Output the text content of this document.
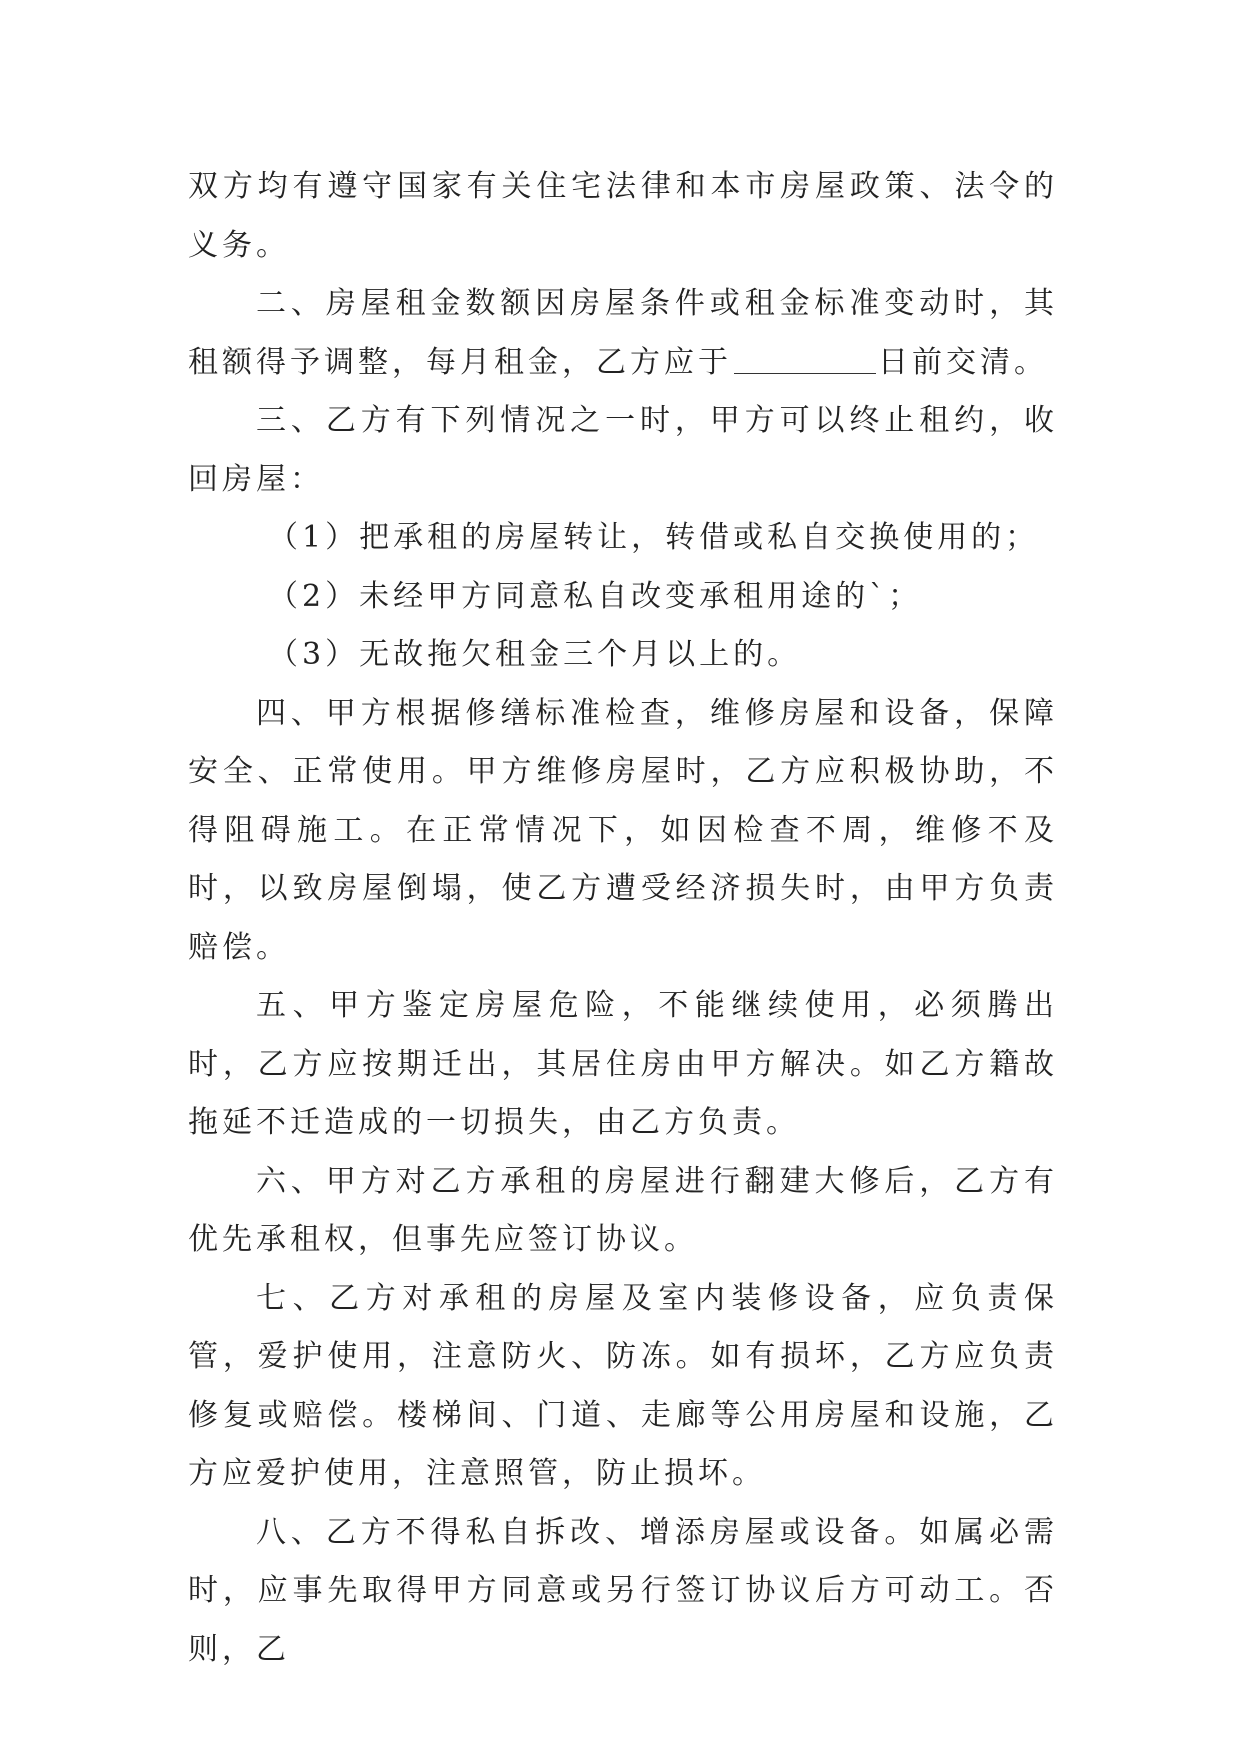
双方均有遵守国家有关住宅法律和本市房屋政策、法令的义务。

二、房屋租金数额因房屋条件或租金标准变动时，其租额得予调整，每月租金，乙方应于	日前交清。

三、乙方有下列情况之一时，甲方可以终止租约，收回房屋：

（1）把承租的房屋转让，转借或私自交换使用的；

（2）未经甲方同意私自改变承租用途的`；

（3）无故拖欠租金三个月以上的。

四、甲方根据修缮标准检查，维修房屋和设备，保障安全、正常使用。甲方维修房屋时，乙方应积极协助，不得阻碍施工。在正常情况下，如因检查不周，维修不及时，以致房屋倒塌，使乙方遭受经济损失时，由甲方负责赔偿。

五、甲方鉴定房屋危险，不能继续使用，必须腾出时，乙方应按期迁出，其居住房由甲方解决。如乙方籍故拖延不迁造成的一切损失，由乙方负责。

六、甲方对乙方承租的房屋进行翻建大修后，乙方有优先承租权，但事先应签订协议。

七、乙方对承租的房屋及室内装修设备，应负责保管，爱护使用，注意防火、防冻。如有损坏，乙方应负责修复或赔偿。楼梯间、门道、走廊等公用房屋和设施，乙方应爱护使用，注意照管，防止损坏。

八、乙方不得私自拆改、增添房屋或设备。如属必需时，应事先取得甲方同意或另行签订协议后方可动工。否则，乙
